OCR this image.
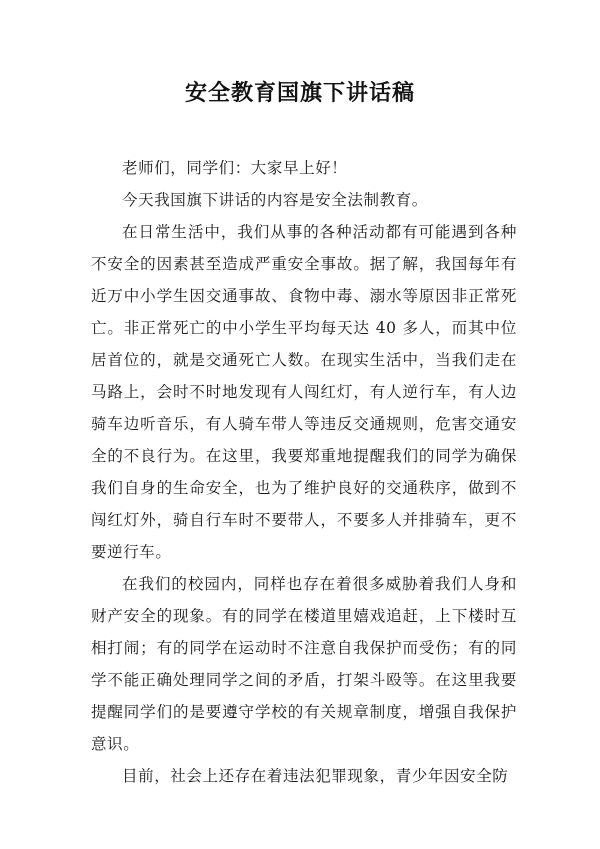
安全教育国旗下讲话稿

老师们，同学们：大家早上好！

今天我国旗下讲话的内容是安全法制教育。

在日常生活中，我们从事的各种活动都有可能遇到各种不安全的因素甚至造成严重安全事故。据了解，我国每年有近万中小学生因交通事故、食物中毒、溺水等原因非正常死亡。非正常死亡的中小学生平均每天达 40 多人，而其中位居首位的，就是交通死亡人数。在现实生活中，当我们走在马路上，会时不时地发现有人闯红灯，有人逆行车，有人边骑车边听音乐，有人骑车带人等违反交通规则，危害交通安全的不良行为。在这里，我要郑重地提醒我们的同学为确保我们自身的生命安全，也为了维护良好的交通秩序，做到不闯红灯外，骑自行车时不要带人，不要多人并排骑车，更不要逆行车。

在我们的校园内，同样也存在着很多威胁着我们人身和财产安全的现象。有的同学在楼道里嬉戏追赶，上下楼时互相打闹；有的同学在运动时不注意自我保护而受伤；有的同学不能正确处理同学之间的矛盾，打架斗殴等。在这里我要提醒同学们的是要遵守学校的有关规章制度，增强自我保护意识。

目前，社会上还存在着违法犯罪现象，青少年因安全防
